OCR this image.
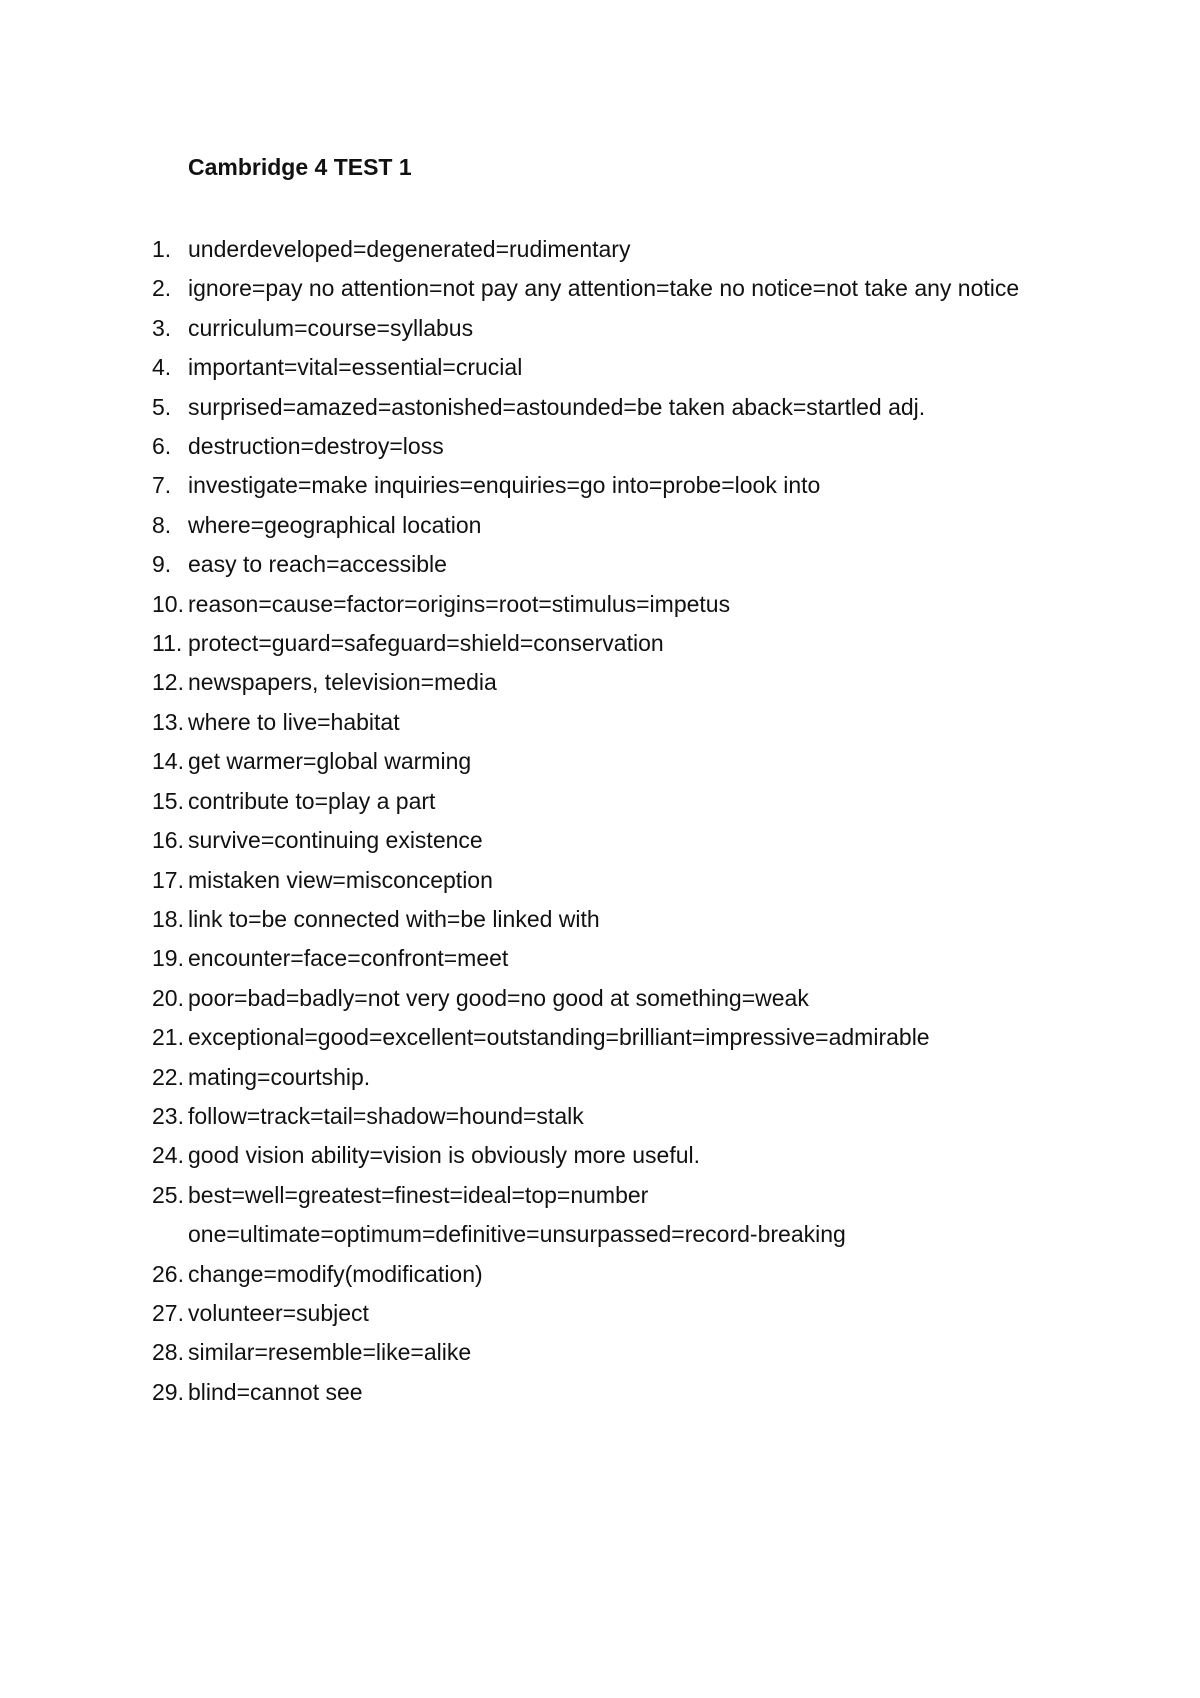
Cambridge 4 TEST 1
1. underdeveloped=degenerated=rudimentary
2. ignore=pay no attention=not pay any attention=take no notice=not take any notice
3. curriculum=course=syllabus
4. important=vital=essential=crucial
5. surprised=amazed=astonished=astounded=be taken aback=startled adj.
6. destruction=destroy=loss
7. investigate=make inquiries=enquiries=go into=probe=look into
8. where=geographical location
9. easy to reach=accessible
10. reason=cause=factor=origins=root=stimulus=impetus
11. protect=guard=safeguard=shield=conservation
12. newspapers, television=media
13. where to live=habitat
14. get warmer=global warming
15. contribute to=play a part
16. survive=continuing existence
17. mistaken view=misconception
18. link to=be connected with=be linked with
19. encounter=face=confront=meet
20. poor=bad=badly=not very good=no good at something=weak
21. exceptional=good=excellent=outstanding=brilliant=impressive=admirable
22. mating=courtship.
23. follow=track=tail=shadow=hound=stalk
24. good vision ability=vision is obviously more useful.
25. best=well=greatest=finest=ideal=top=number one=ultimate=optimum=definitive=unsurpassed=record-breaking
26. change=modify(modification)
27. volunteer=subject
28. similar=resemble=like=alike
29. blind=cannot see
